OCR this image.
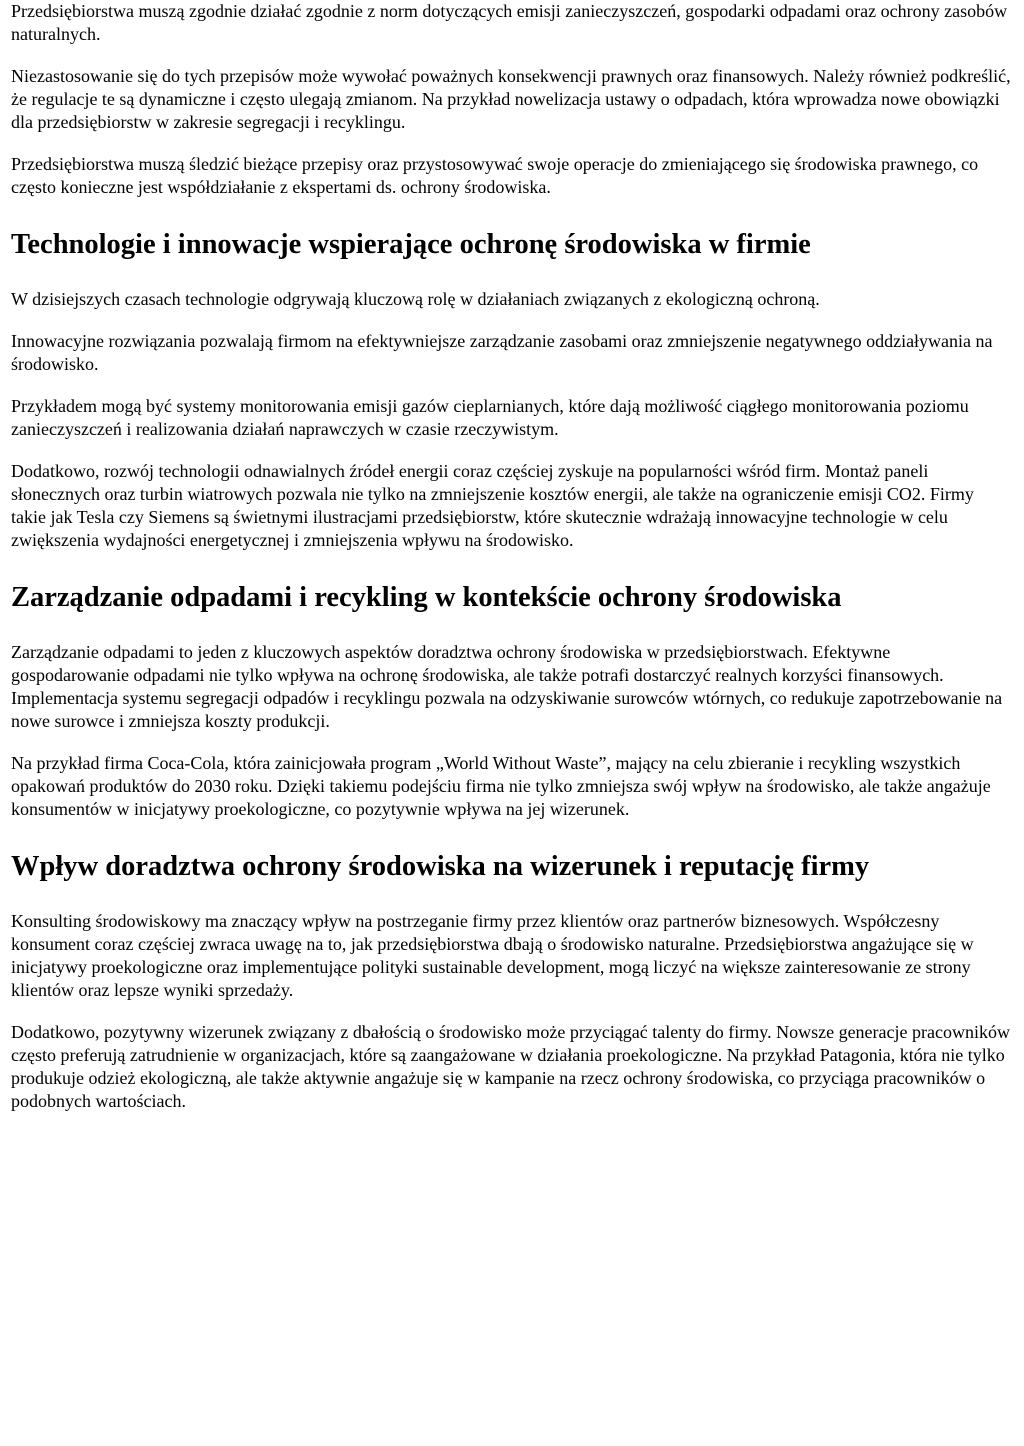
Przedsiębiorstwa muszą zgodnie działać zgodnie z norm dotyczących emisji zanieczyszczeń, gospodarki odpadami oraz ochrony zasobów naturalnych.

Niezastosowanie się do tych przepisów może wywołać poważnych konsekwencji prawnych oraz finansowych. Należy również podkreślić, że regulacje te są dynamiczne i często ulegają zmianom. Na przykład nowelizacja ustawy o odpadach, która wprowadza nowe obowiązki dla przedsiębiorstw w zakresie segregacji i recyklingu.

Przedsiębiorstwa muszą śledzić bieżące przepisy oraz przystosowywać swoje operacje do zmieniającego się środowiska prawnego, co często konieczne jest współdziałanie z ekspertami ds. ochrony środowiska.

Technologie i innowacje wspierające ochronę środowiska w firmie

W dzisiejszych czasach technologie odgrywają kluczową rolę w działaniach związanych z ekologiczną ochroną.

Innowacyjne rozwiązania pozwalają firmom na efektywniejsze zarządzanie zasobami oraz zmniejszenie negatywnego oddziaływania na środowisko.

Przykładem mogą być systemy monitorowania emisji gazów cieplarnianych, które dają możliwość ciągłego monitorowania poziomu zanieczyszczeń i realizowania działań naprawczych w czasie rzeczywistym.

Dodatkowo, rozwój technologii odnawialnych źródeł energii coraz częściej zyskuje na popularności wśród firm. Montaż paneli słonecznych oraz turbin wiatrowych pozwala nie tylko na zmniejszenie kosztów energii, ale także na ograniczenie emisji CO2. Firmy takie jak Tesla czy Siemens są świetnymi ilustracjami przedsiębiorstw, które skutecznie wdrażają innowacyjne technologie w celu zwiększenia wydajności energetycznej i zmniejszenia wpływu na środowisko.

Zarządzanie odpadami i recykling w kontekście ochrony środowiska

Zarządzanie odpadami to jeden z kluczowych aspektów doradztwa ochrony środowiska w przedsiębiorstwach. Efektywne gospodarowanie odpadami nie tylko wpływa na ochronę środowiska, ale także potrafi dostarczyć realnych korzyści finansowych. Implementacja systemu segregacji odpadów i recyklingu pozwala na odzyskiwanie surowców wtórnych, co redukuje zapotrzebowanie na nowe surowce i zmniejsza koszty produkcji.

Na przykład firma Coca-Cola, która zainicjowała program „World Without Waste”, mający na celu zbieranie i recykling wszystkich opakowań produktów do 2030 roku. Dzięki takiemu podejściu firma nie tylko zmniejsza swój wpływ na środowisko, ale także angażuje konsumentów w inicjatywy proekologiczne, co pozytywnie wpływa na jej wizerunek.

Wpływ doradztwa ochrony środowiska na wizerunek i reputację firmy

Konsulting środowiskowy ma znaczący wpływ na postrzeganie firmy przez klientów oraz partnerów biznesowych. Współczesny konsument coraz częściej zwraca uwagę na to, jak przedsiębiorstwa dbają o środowisko naturalne. Przedsiębiorstwa angażujące się w inicjatywy proekologiczne oraz implementujące polityki sustainable development, mogą liczyć na większe zainteresowanie ze strony klientów oraz lepsze wyniki sprzedaży.

Dodatkowo, pozytywny wizerunek związany z dbałością o środowisko może przyciągać talenty do firmy. Nowsze generacje pracowników często preferują zatrudnienie w organizacjach, które są zaangażowane w działania proekologiczne. Na przykład Patagonia, która nie tylko produkuje odzież ekologiczną, ale także aktywnie angażuje się w kampanie na rzecz ochrony środowiska, co przyciąga pracowników o podobnych wartościach.
